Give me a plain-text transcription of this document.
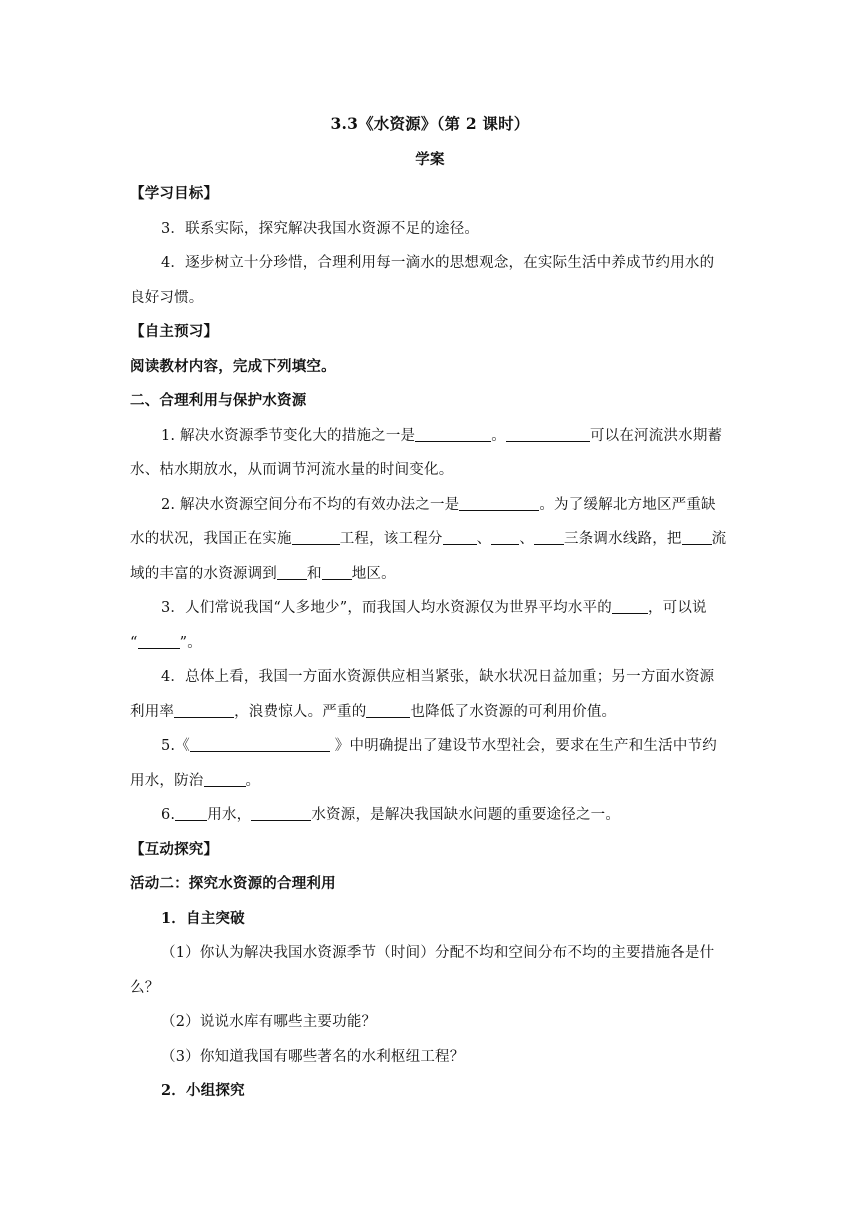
3.3《水资源》（第 2 课时）
学案
【学习目标】
3．联系实际，探究解决我国水资源不足的途径。
4．逐步树立十分珍惜，合理利用每一滴水的思想观念，在实际生活中养成节约用水的
良好习惯。
【自主预习】
阅读教材内容，完成下列填空。
二、合理利用与保护水资源
1. 解决水资源季节变化大的措施之一是	。	可以在河流洪水期蓄
水、枯水期放水，从而调节河流水量的时间变化。
2. 解决水资源空间分布不均的有效办法之一是	。为了缓解北方地区严重缺
水的状况，我国正在实施	工程，该工程分 、 、 三条调水线路，把 流
域的丰富的水资源调到 和 地区。
3．人们常说我国“人多地少”，而我国人均水资源仅为世界平均水平的 ，可以说
“	”。
4．总体上看，我国一方面水资源供应相当紧张，缺水状况日益加重；另一方面水资源
利用率	，浪费惊人。严重的	也降低了水资源的可利用价值。
5.《	》中明确提出了建设节水型社会，要求在生产和生活中节约
用水，防治	。
6. 用水，	水资源，是解决我国缺水问题的重要途径之一。
【互动探究】
活动二：探究水资源的合理利用
1．自主突破
（1）你认为解决我国水资源季节（时间）分配不均和空间分布不均的主要措施各是什
么？
（2）说说水库有哪些主要功能？
（3）你知道我国有哪些著名的水利枢纽工程？
2．小组探究
